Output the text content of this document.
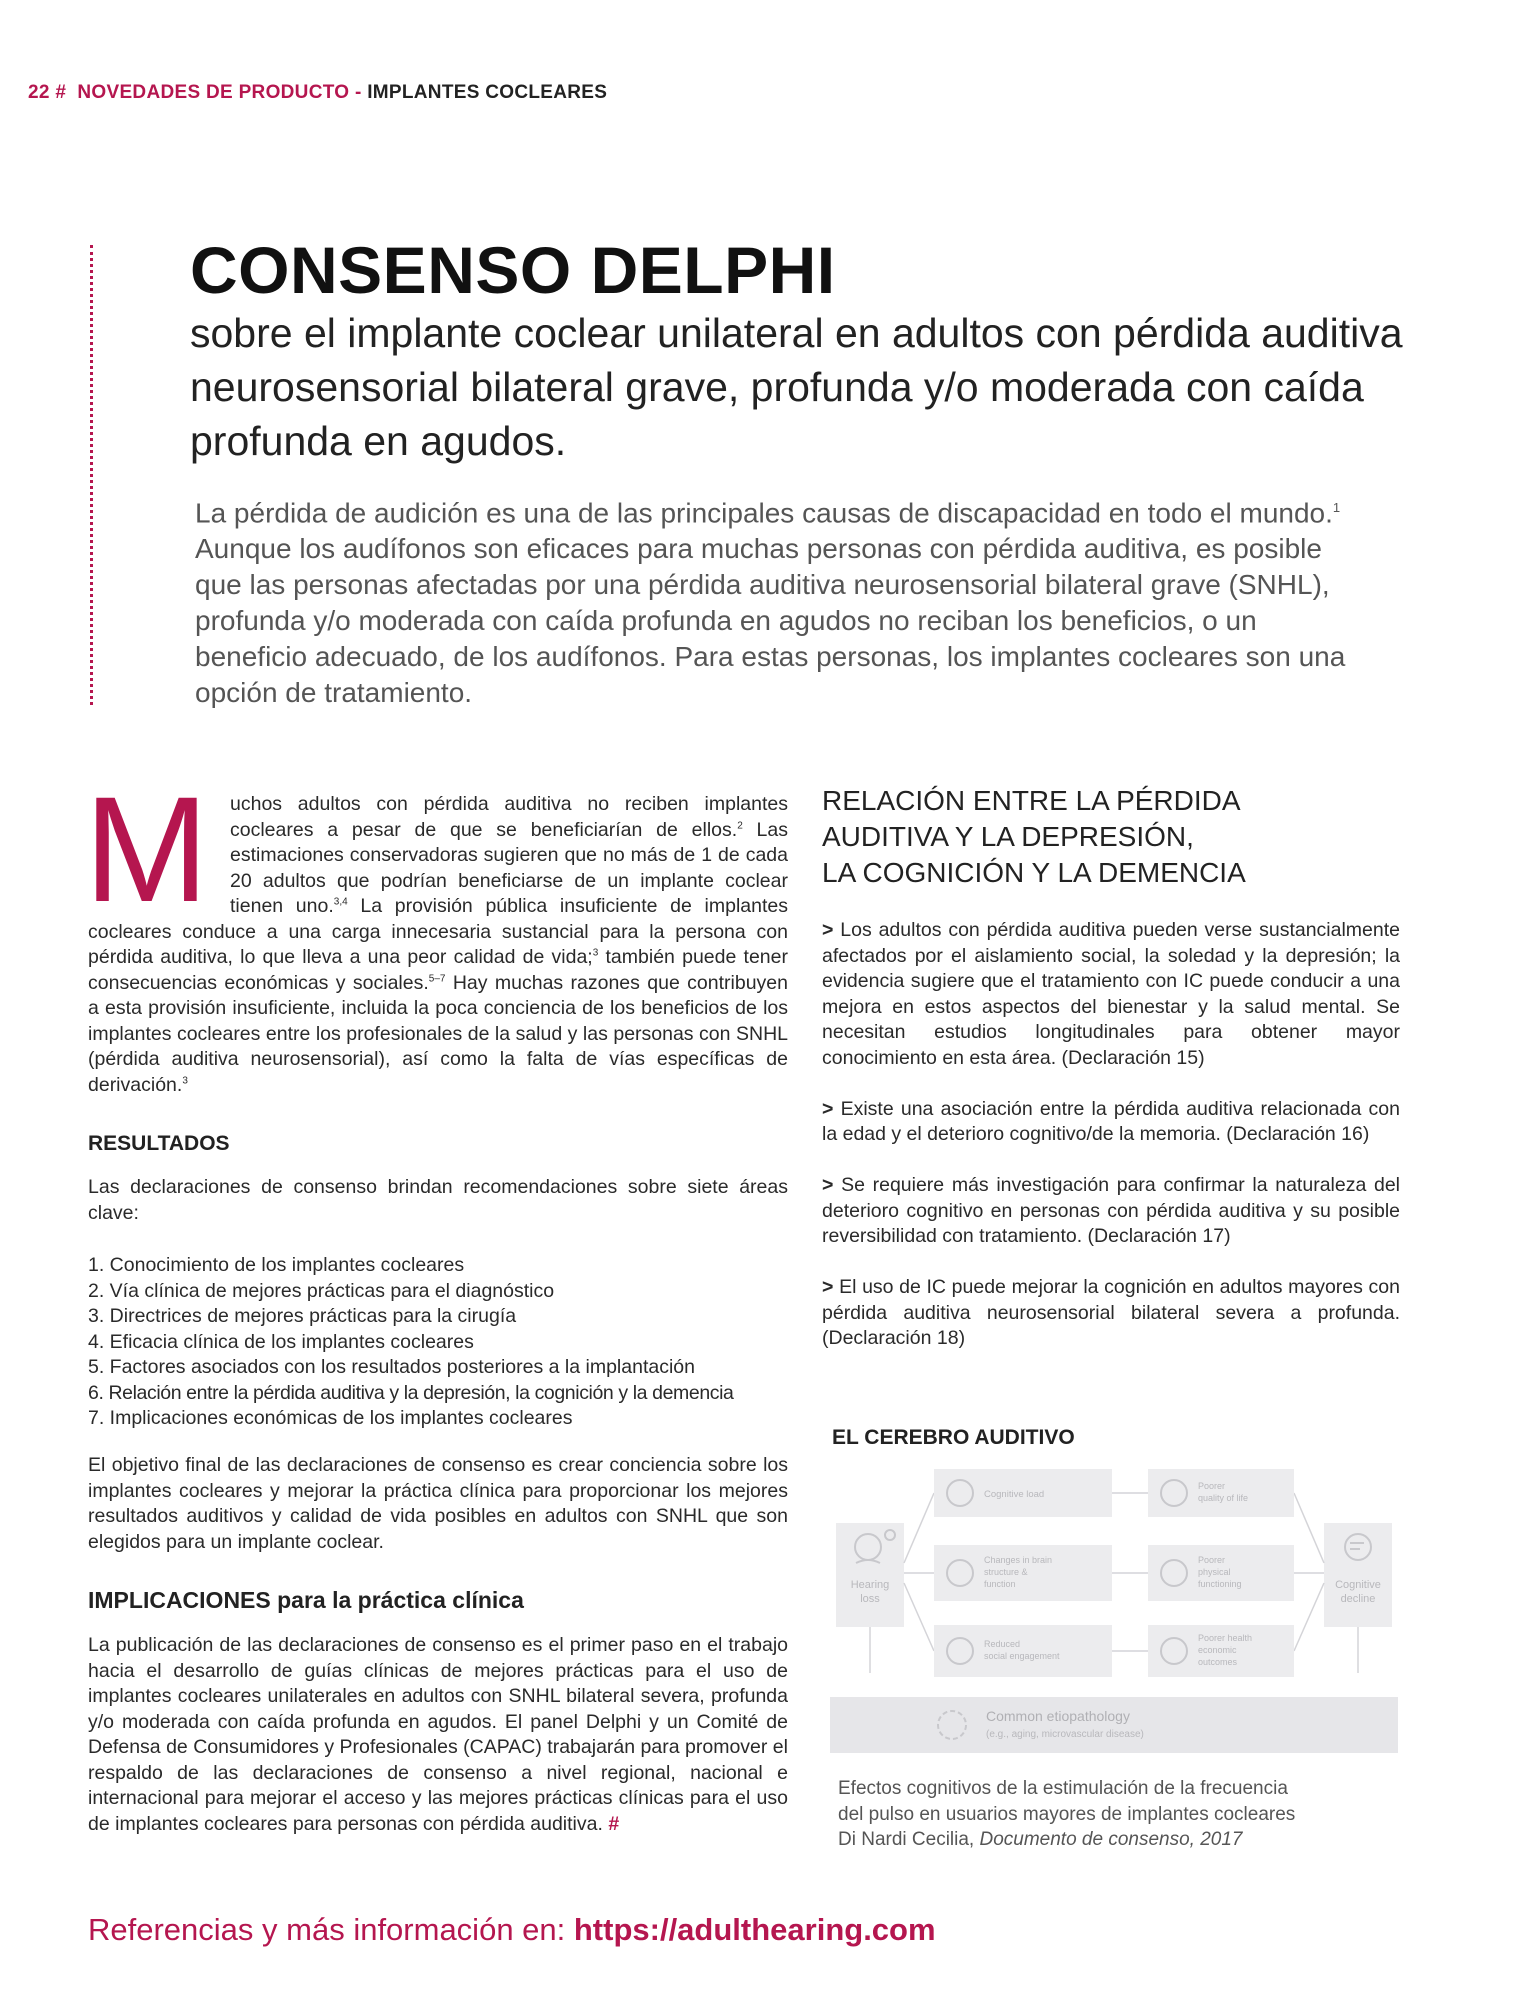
22 # NOVEDADES DE PRODUCTO - IMPLANTES COCLEARES
CONSENSO DELPHI
sobre el implante coclear unilateral en adultos con pérdida auditiva neurosensorial bilateral grave, profunda y/o moderada con caída profunda en agudos.
La pérdida de audición es una de las principales causas de discapacidad en todo el mundo.$^1$ Aunque los audífonos son eficaces para muchas personas con pérdida auditiva, es posible que las personas afectadas por una pérdida auditiva neurosensorial bilateral grave (SNHL), profunda y/o moderada con caída profunda en agudos no reciban los beneficios, o un beneficio adecuado, de los audífonos. Para estas personas, los implantes cocleares son una opción de tratamiento.
M	uchos adultos con pérdida auditiva no reciben implantes cocleares a pesar de que se beneficiarían de ellos.$^2$ Las estimaciones conservadoras sugieren que no más de 1 de cada 20 adultos que podrían beneficiarse de un implante coclear tienen uno.$^{3,4}$ La provisión pública insuficiente de implantes cocleares conduce a una carga innecesaria sustancial para la persona con pérdida auditiva, lo que lleva a una peor calidad de vida;$^3$ también puede tener consecuencias económicas y sociales.$^{5-7}$ Hay muchas razones que contribuyen a esta provisión insuficiente, incluida la poca conciencia de los beneficios de los implantes cocleares entre los profesionales de la salud y las personas con SNHL (pérdida auditiva neurosensorial), así como la falta de vías específicas de derivación.$^3$
RESULTADOS
Las declaraciones de consenso brindan recomendaciones sobre siete áreas clave:
1. Conocimiento de los implantes cocleares
2. Vía clínica de mejores prácticas para el diagnóstico
3. Directrices de mejores prácticas para la cirugía
4. Eficacia clínica de los implantes cocleares
5. Factores asociados con los resultados posteriores a la implantación
6. Relación entre la pérdida auditiva y la depresión, la cognición y la demencia
7. Implicaciones económicas de los implantes cocleares
El objetivo final de las declaraciones de consenso es crear conciencia sobre los implantes cocleares y mejorar la práctica clínica para proporcionar los mejores resultados auditivos y calidad de vida posibles en adultos con SNHL que son elegidos para un implante coclear.
IMPLICACIONES para la práctica clínica
La publicación de las declaraciones de consenso es el primer paso en el trabajo hacia el desarrollo de guías clínicas de mejores prácticas para el uso de implantes cocleares unilaterales en adultos con SNHL bilateral severa, profunda y/o moderada con caída profunda en agudos. El panel Delphi y un Comité de Defensa de Consumidores y Profesionales (CAPAC) trabajarán para promover el respaldo de las declaraciones de consenso a nivel regional, nacional e internacional para mejorar el acceso y las mejores prácticas clínicas para el uso de implantes cocleares para personas con pérdida auditiva. #
RELACIÓN ENTRE LA PÉRDIDA
AUDITIVA Y LA DEPRESIÓN,
LA COGNICIÓN Y LA DEMENCIA

> Los adultos con pérdida auditiva pueden verse sustancialmente afectados por el aislamiento social, la soledad y la depresión; la evidencia sugiere que el tratamiento con IC puede conducir a una mejora en estos aspectos del bienestar y la salud mental. Se necesitan estudios longitudinales para obtener mayor conocimiento en esta área. (Declaración 15)

> Existe una asociación entre la pérdida auditiva relacionada con la edad y el deterioro cognitivo/de la memoria. (Declaración 16)

> Se requiere más investigación para confirmar la naturaleza del deterioro cognitivo en personas con pérdida auditiva y su posible reversibilidad con tratamiento. (Declaración 17)

> El uso de IC puede mejorar la cognición en adultos mayores con pérdida auditiva neurosensorial bilateral severa a profunda. (Declaración 18)

EL CEREBRO AUDITIVO
Hearing
loss
Cognitive
decline
Cognitive load
Changes in brain
structure &
function
Reduced
social engagement
Poorer
quality of life
Poorer
physical
functioning
Poorer health
economic
outcomes
Common etiopathology
(e.g., aging, microvascular disease)
Efectos cognitivos de la estimulación de la frecuencia
del pulso en usuarios mayores de implantes cocleares
Di Nardi Cecilia, Documento de consenso, 2017
Referencias y más información en: https://adulthearing.com
